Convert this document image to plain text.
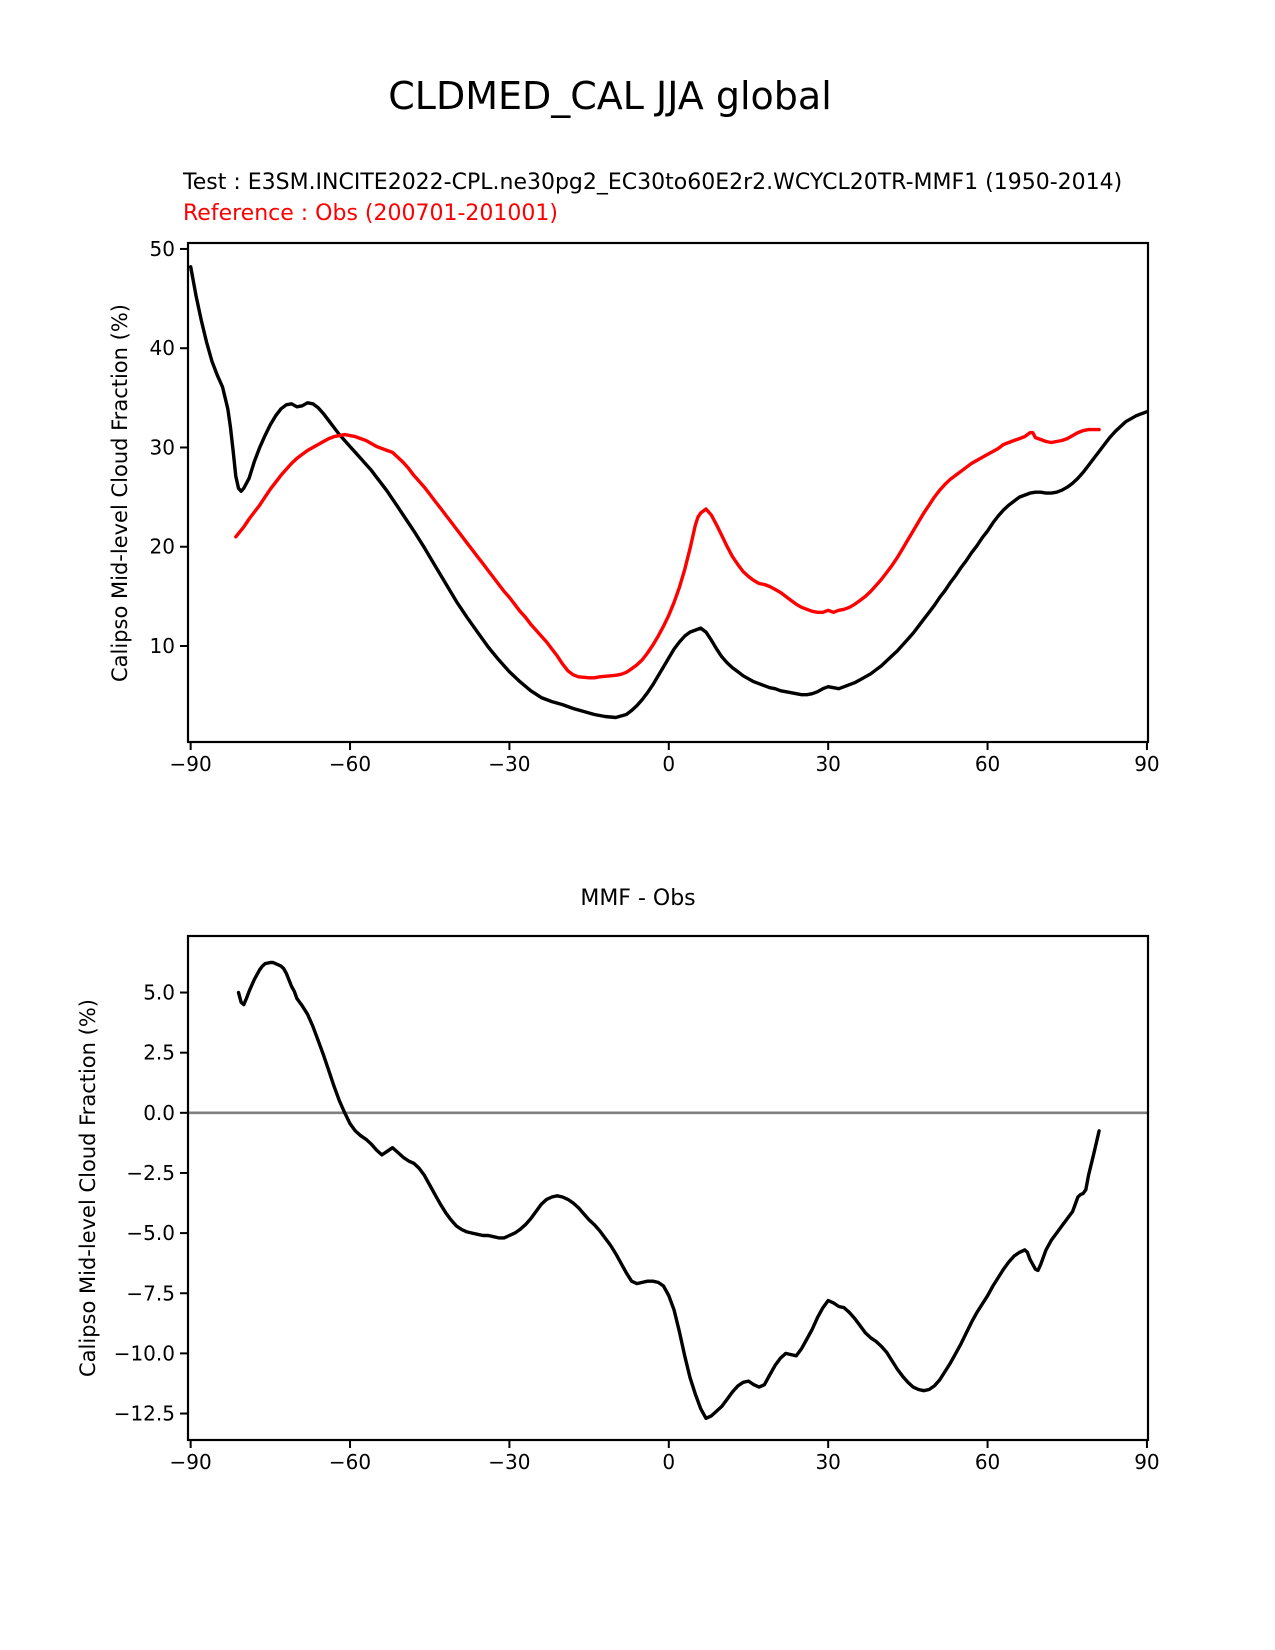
CLDMED_CAL JJA global
Test : E3SM.INCITE2022-CPL.ne30pg2_EC30to60E2r2.WCYCL20TR-MMF1 (1950-2014)
Reference : Obs (200701-201001)
Calipso Mid-level Cloud Fraction (%)
Calipso Mid-level Cloud Fraction (%)
MMF - Obs
−90	−60	−30	0	30	60	90
10
20
30
40
50
−90	−60	−30	0	30	60	90
5.0
2.5
0.0
−2.5
−5.0
−7.5
−10.0
−12.5
